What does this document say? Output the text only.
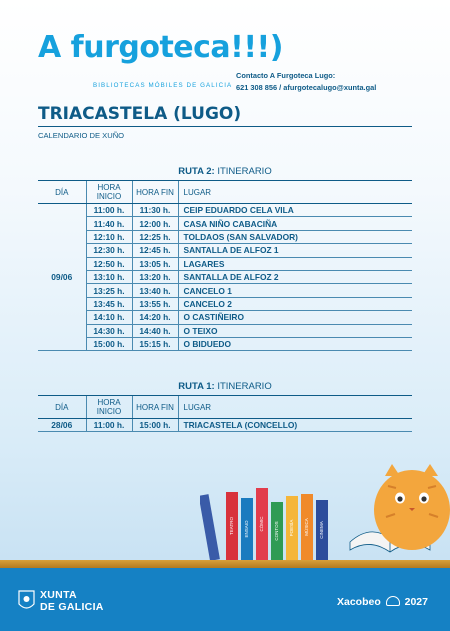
A furgoteca!!!)
BIBLIOTECAS MÓBILES DE GALICIA
Contacto A Furgoteca Lugo:
621 308 856 / afurgotecalugo@xunta.gal
TRIACASTELA (LUGO)
CALENDARIO DE XUÑO
RUTA 2: ITINERARIO
DÍA	HORA INICIO	HORA FIN	LUGAR
09/06	11:00 h.	11:30 h.	CEIP EDUARDO CELA VILA
	11:40 h.	12:00 h.	CASA NIÑO CABACIÑA
	12:10 h.	12:25 h.	TOLDAOS (SAN SALVADOR)
	12:30 h.	12:45 h.	SANTALLA DE ALFOZ 1
	12:50 h.	13:05 h.	LAGARES
	13:10 h.	13:20 h.	SANTALLA DE ALFOZ 2
	13:25 h.	13:40 h.	CANCELO 1
	13:45 h.	13:55 h.	CANCELO 2
	14:10 h.	14:20 h.	O CASTIÑEIRO
	14:30 h.	14:40 h.	O TEIXO
	15:00 h.	15:15 h.	O BIDUEDO
RUTA 1: ITINERARIO
DÍA	HORA INICIO	HORA FIN	LUGAR
28/06	11:00 h.	15:00 h.	TRIACASTELA (CONCELLO)
TEATRO ENSAIO CÓMIC CONTOS POESÍA MÚSICA CINEMA
XUNTA
DE GALICIA	Xacobeo 2027
